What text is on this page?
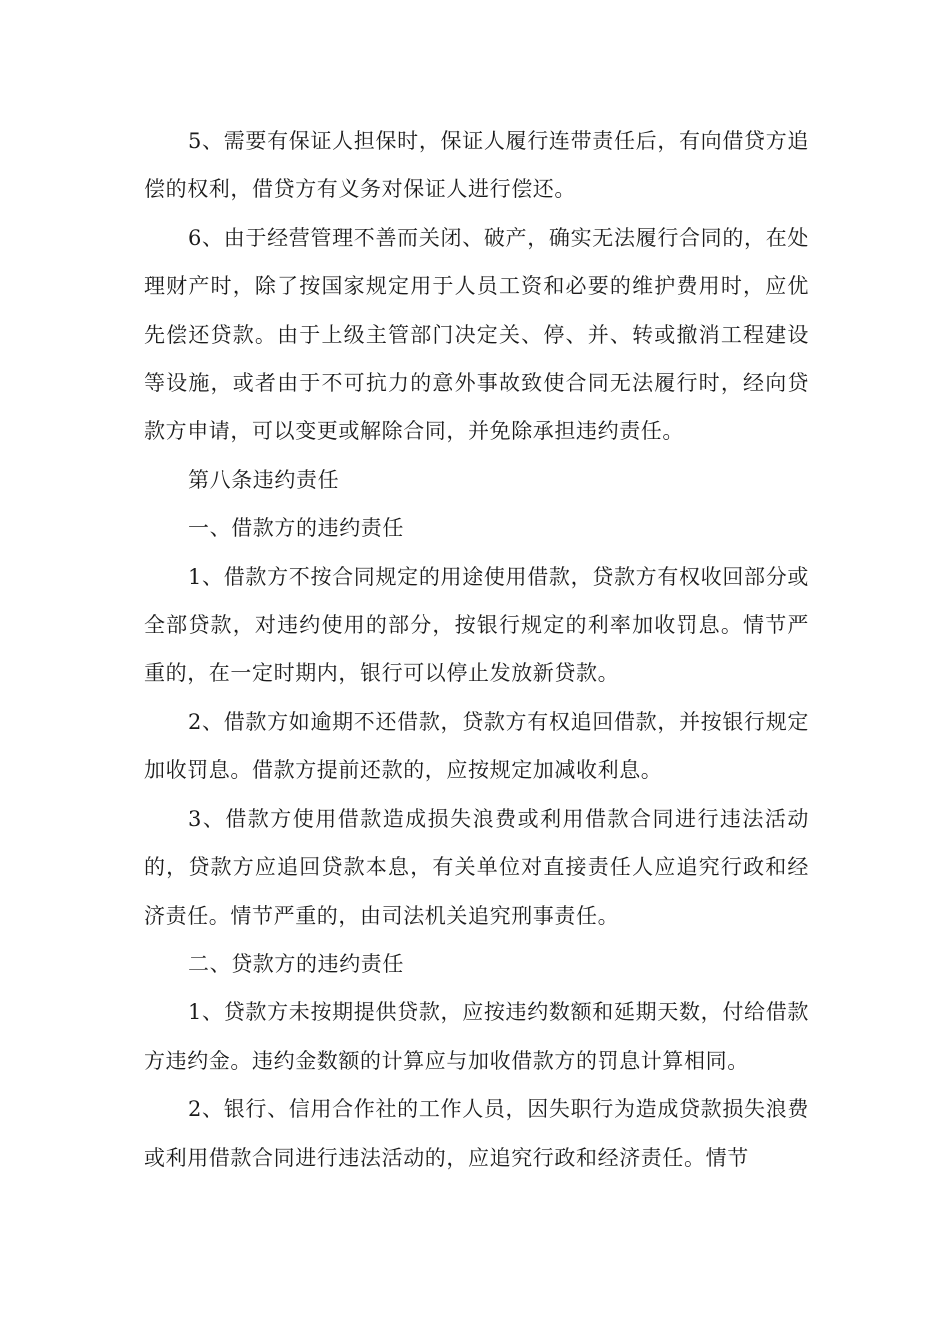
5、需要有保证人担保时，保证人履行连带责任后，有向借贷方追偿的权利，借贷方有义务对保证人进行偿还。

6、由于经营管理不善而关闭、破产，确实无法履行合同的，在处理财产时，除了按国家规定用于人员工资和必要的维护费用时，应优先偿还贷款。由于上级主管部门决定关、停、并、转或撤消工程建设等设施，或者由于不可抗力的意外事故致使合同无法履行时，经向贷款方申请，可以变更或解除合同，并免除承担违约责任。

第八条违约责任

一、借款方的违约责任

1、借款方不按合同规定的用途使用借款，贷款方有权收回部分或全部贷款，对违约使用的部分，按银行规定的利率加收罚息。情节严重的，在一定时期内，银行可以停止发放新贷款。

2、借款方如逾期不还借款，贷款方有权追回借款，并按银行规定加收罚息。借款方提前还款的，应按规定加减收利息。

3、借款方使用借款造成损失浪费或利用借款合同进行违法活动的，贷款方应追回贷款本息，有关单位对直接责任人应追究行政和经济责任。情节严重的，由司法机关追究刑事责任。

二、贷款方的违约责任

1、贷款方未按期提供贷款，应按违约数额和延期天数，付给借款方违约金。违约金数额的计算应与加收借款方的罚息计算相同。

2、银行、信用合作社的工作人员，因失职行为造成贷款损失浪费或利用借款合同进行违法活动的，应追究行政和经济责任。情节
